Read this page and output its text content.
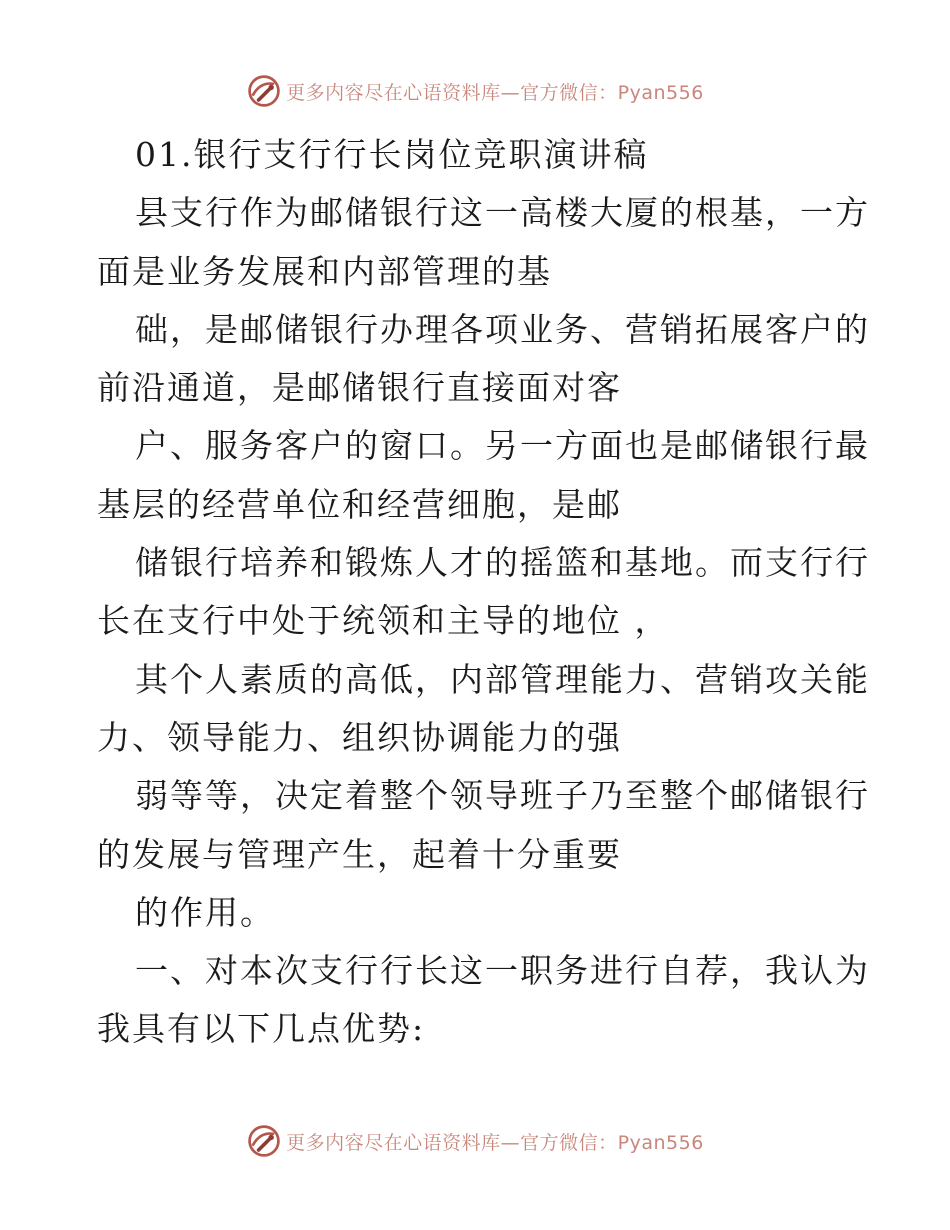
更多内容尽在心语资料库—官方微信：Pyan556
01.银行支行行长岗位竞职演讲稿
县支行作为邮储银行这一高楼大厦的根基，一方
面是业务发展和内部管理的基
础，是邮储银行办理各项业务、营销拓展客户的
前沿通道，是邮储银行直接面对客
户、服务客户的窗口。另一方面也是邮储银行最
基层的经营单位和经营细胞，是邮
储银行培养和锻炼人才的摇篮和基地。而支行行
长在支行中处于统领和主导的地位 ，
其个人素质的高低，内部管理能力、营销攻关能
力、领导能力、组织协调能力的强
弱等等，决定着整个领导班子乃至整个邮储银行
的发展与管理产生，起着十分重要
的作用。
一、对本次支行行长这一职务进行自荐，我认为
我具有以下几点优势:
更多内容尽在心语资料库—官方微信：Pyan556
